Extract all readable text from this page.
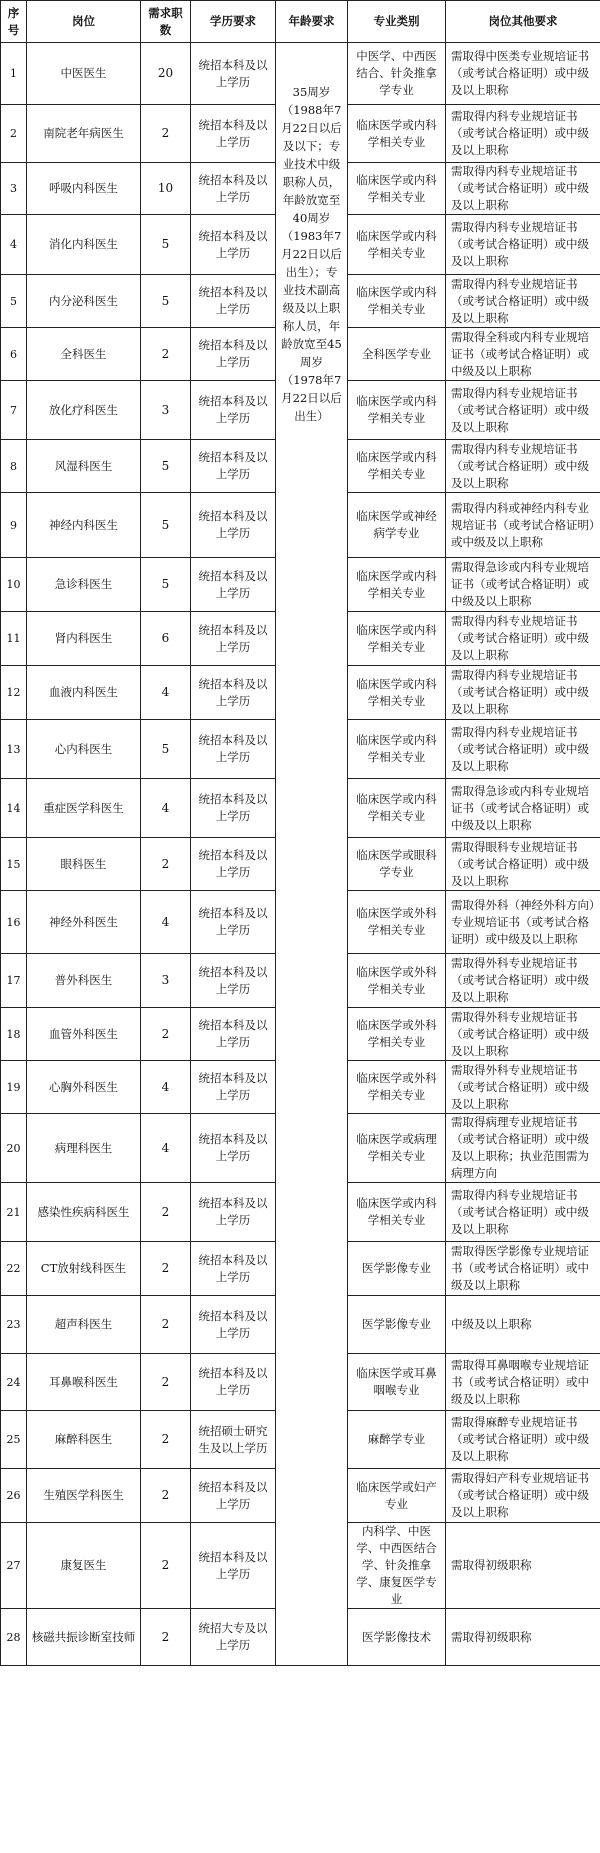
序号	岗位	需求职数	学历要求	年龄要求	专业类别	岗位其他要求
1	中医医生	20	统招本科及以上学历	35周岁（1988年7月22日以后及以下；专业技术中级职称人员，年龄放宽至40周岁（1983年7月22日以后出生）；专业技术副高级及以上职称人员，年龄放宽至45周岁（1978年7月22日以后出生）	中医学、中西医结合、针灸推拿学专业	需取得中医类专业规培证书（或考试合格证明）或中级及以上职称
2	南院老年病医生	2	统招本科及以上学历		临床医学或内科学相关专业	需取得内科专业规培证书（或考试合格证明）或中级及以上职称
3	呼吸内科医生	10	统招本科及以上学历		临床医学或内科学相关专业	需取得内科专业规培证书（或考试合格证明）或中级及以上职称
4	消化内科医生	5	统招本科及以上学历		临床医学或内科学相关专业	需取得内科专业规培证书（或考试合格证明）或中级及以上职称
5	内分泌科医生	5	统招本科及以上学历		临床医学或内科学相关专业	需取得内科专业规培证书（或考试合格证明）或中级及以上职称
6	全科医生	2	统招本科及以上学历		全科医学专业	需取得全科或内科专业规培证书（或考试合格证明）或中级及以上职称
7	放化疗科医生	3	统招本科及以上学历		临床医学或内科学相关专业	需取得内科专业规培证书（或考试合格证明）或中级及以上职称
8	风湿科医生	5	统招本科及以上学历		临床医学或内科学相关专业	需取得内科专业规培证书（或考试合格证明）或中级及以上职称
9	神经内科医生	5	统招本科及以上学历		临床医学或神经病学专业	需取得内科或神经内科专业规培证书（或考试合格证明）或中级及以上职称
10	急诊科医生	5	统招本科及以上学历		临床医学或内科学相关专业	需取得急诊或内科专业规培证书（或考试合格证明）或中级及以上职称
11	肾内科医生	6	统招本科及以上学历		临床医学或内科学相关专业	需取得内科专业规培证书（或考试合格证明）或中级及以上职称
12	血液内科医生	4	统招本科及以上学历		临床医学或内科学相关专业	需取得内科专业规培证书（或考试合格证明）或中级及以上职称
13	心内科医生	5	统招本科及以上学历		临床医学或内科学相关专业	需取得内科专业规培证书（或考试合格证明）或中级及以上职称
14	重症医学科医生	4	统招本科及以上学历		临床医学或内科学相关专业	需取得急诊或内科专业规培证书（或考试合格证明）或中级及以上职称
15	眼科医生	2	统招本科及以上学历		临床医学或眼科学专业	需取得眼科专业规培证书（或考试合格证明）或中级及以上职称
16	神经外科医生	4	统招本科及以上学历		临床医学或外科学相关专业	需取得外科（神经外科方向）专业规培证书（或考试合格证明）或中级及以上职称
17	普外科医生	3	统招本科及以上学历		临床医学或外科学相关专业	需取得外科专业规培证书（或考试合格证明）或中级及以上职称
18	血管外科医生	2	统招本科及以上学历		临床医学或外科学相关专业	需取得外科专业规培证书（或考试合格证明）或中级及以上职称
19	心胸外科医生	4	统招本科及以上学历		临床医学或外科学相关专业	需取得外科专业规培证书（或考试合格证明）或中级及以上职称
20	病理科医生	4	统招本科及以上学历		临床医学或病理学相关专业	需取得病理专业规培证书（或考试合格证明）或中级及以上职称；执业范围需为病理方向
21	感染性疾病科医生	2	统招本科及以上学历		临床医学或内科学相关专业	需取得内科专业规培证书（或考试合格证明）或中级及以上职称
22	CT放射线科医生	2	统招本科及以上学历		医学影像专业	需取得医学影像专业规培证书（或考试合格证明）或中级及以上职称
23	超声科医生	2	统招本科及以上学历		医学影像专业	中级及以上职称
24	耳鼻喉科医生	2	统招本科及以上学历		临床医学或耳鼻咽喉专业	需取得耳鼻咽喉专业规培证书（或考试合格证明）或中级及以上职称
25	麻醉科医生	2	统招硕士研究生及以上学历		麻醉学专业	需取得麻醉专业规培证书（或考试合格证明）或中级及以上职称
26	生殖医学科医生	2	统招本科及以上学历		临床医学或妇产专业	需取得妇产科专业规培证书（或考试合格证明）或中级及以上职称
27	康复医生	2	统招本科及以上学历		内科学、中医学、中西医结合学、针灸推拿学、康复医学专业	需取得初级职称
28	核磁共振诊断室技师	2	统招大专及以上学历		医学影像技术	需取得初级职称
